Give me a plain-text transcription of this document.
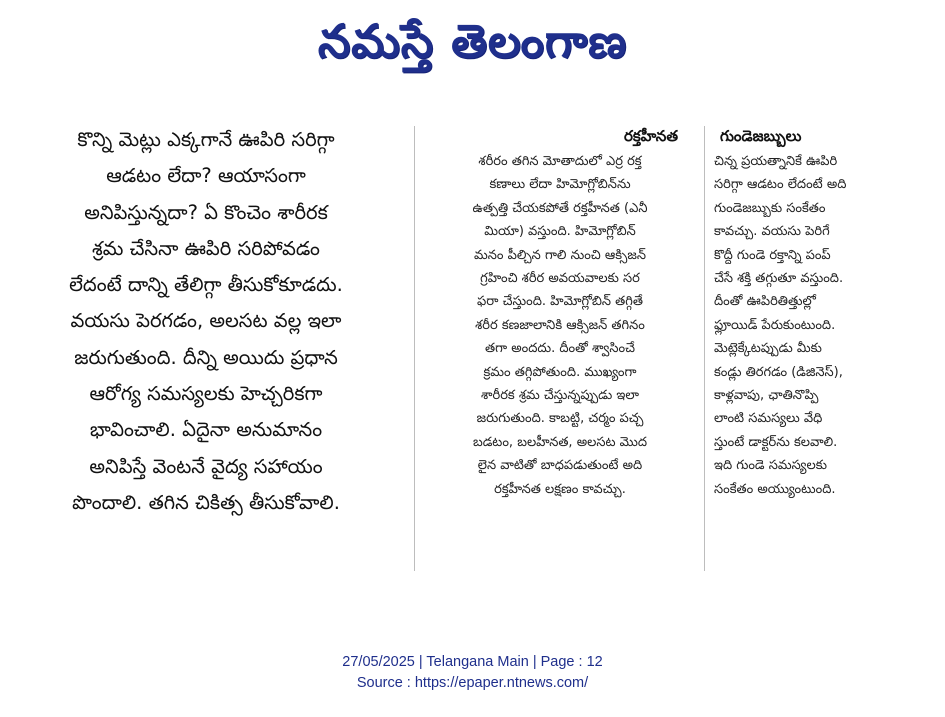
నమస్తే తెలంగాణ
కొన్ని మెట్లు ఎక్కగానే ఊపిరి సరిగ్గా
ఆడటం లేదా? ఆయాసంగా
అనిపిస్తున్నదా? ఏ కొంచెం శారీరక
శ్రమ చేసినా ఊపిరి సరిపోవడం
లేదంటే దాన్ని తేలిగ్గా తీసుకోకూడదు.
వయసు పెరగడం, అలసట వల్ల ఇలా
జరుగుతుంది. దీన్ని అయిదు ప్రధాన
ఆరోగ్య సమస్యలకు హెచ్చరికగా
భావించాలి. ఏదైనా అనుమానం
అనిపిస్తే వెంటనే వైద్య సహాయం
పొందాలి. తగిన చికిత్స తీసుకోవాలి.
రక్తహీనత
శరీరం తగిన మోతాదులో ఎర్ర రక్త
కణాలు లేదా హిమోగ్లోబిన్‌ను
ఉత్పత్తి చేయకపోతే రక్తహీనత (ఎనీ
మియా) వస్తుంది. హిమోగ్లోబిన్
మనం పీల్చిన గాలి నుంచి ఆక్సిజన్
గ్రహించి శరీర అవయవాలకు సర
ఫరా చేస్తుంది. హిమోగ్లోబిన్ తగ్గితే
శరీర కణజాలానికి ఆక్సిజన్ తగినం
తగా అందదు. దీంతో శ్వాసించే
క్రమం తగ్గిపోతుంది. ముఖ్యంగా
శారీరక శ్రమ చేస్తున్నప్పుడు ఇలా
జరుగుతుంది. కాబట్టి, చర్మం పచ్చ
బడటం, బలహీనత, అలసట మొద
లైన వాటితో బాధపడుతుంటే అది
రక్తహీనత లక్షణం కావచ్చు.
గుండెజబ్బులు
చిన్న ప్రయత్నానికే ఊపిరి
సరిగ్గా ఆడటం లేదంటే అది
గుండెజబ్బుకు సంకేతం
కావచ్చు. వయసు పెరిగే
కొద్దీ గుండె రక్తాన్ని పంప్
చేసే శక్తి తగ్గుతూ వస్తుంది.
దీంతో ఊపిరితిత్తుల్లో
ఫ్లూయిడ్ పేరుకుంటుంది.
మెట్లెక్కేటప్పుడు మీకు
కండ్లు తిరగడం (డిజినెస్),
కాళ్లవాపు, ఛాతినొప్పి
లాంటి సమస్యలు వేధి
స్తుంటే డాక్టర్‌ను కలవాలి.
ఇది గుండె సమస్యలకు
సంకేతం అయ్యుంటుంది.
27/05/2025 | Telangana Main | Page : 12
Source : https://epaper.ntnews.com/
